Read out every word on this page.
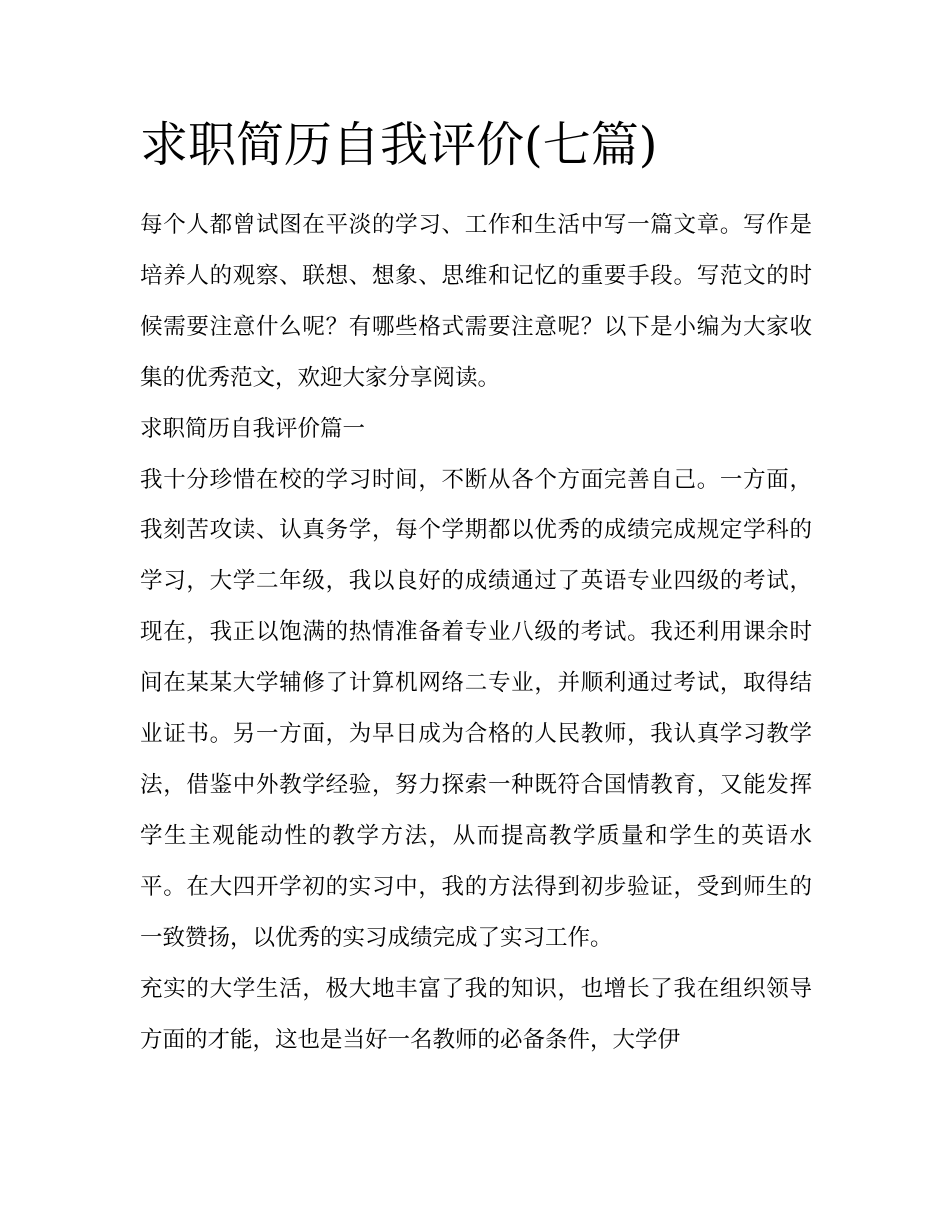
求职简历自我评价(七篇)

每个人都曾试图在平淡的学习、工作和生活中写一篇文章。写作是培养人的观察、联想、想象、思维和记忆的重要手段。写范文的时候需要注意什么呢？有哪些格式需要注意呢？以下是小编为大家收集的优秀范文，欢迎大家分享阅读。

求职简历自我评价篇一

我十分珍惜在校的学习时间，不断从各个方面完善自己。一方面，我刻苦攻读、认真务学，每个学期都以优秀的成绩完成规定学科的学习，大学二年级，我以良好的成绩通过了英语专业四级的考试，现在，我正以饱满的热情准备着专业八级的考试。我还利用课余时间在某某大学辅修了计算机网络二专业，并顺利通过考试，取得结业证书。另一方面，为早日成为合格的人民教师，我认真学习教学法，借鉴中外教学经验，努力探索一种既符合国情教育，又能发挥学生主观能动性的教学方法，从而提高教学质量和学生的英语水平。在大四开学初的实习中，我的方法得到初步验证，受到师生的一致赞扬，以优秀的实习成绩完成了实习工作。

充实的大学生活，极大地丰富了我的知识，也增长了我在组织领导方面的才能，这也是当好一名教师的必备条件，大学伊
